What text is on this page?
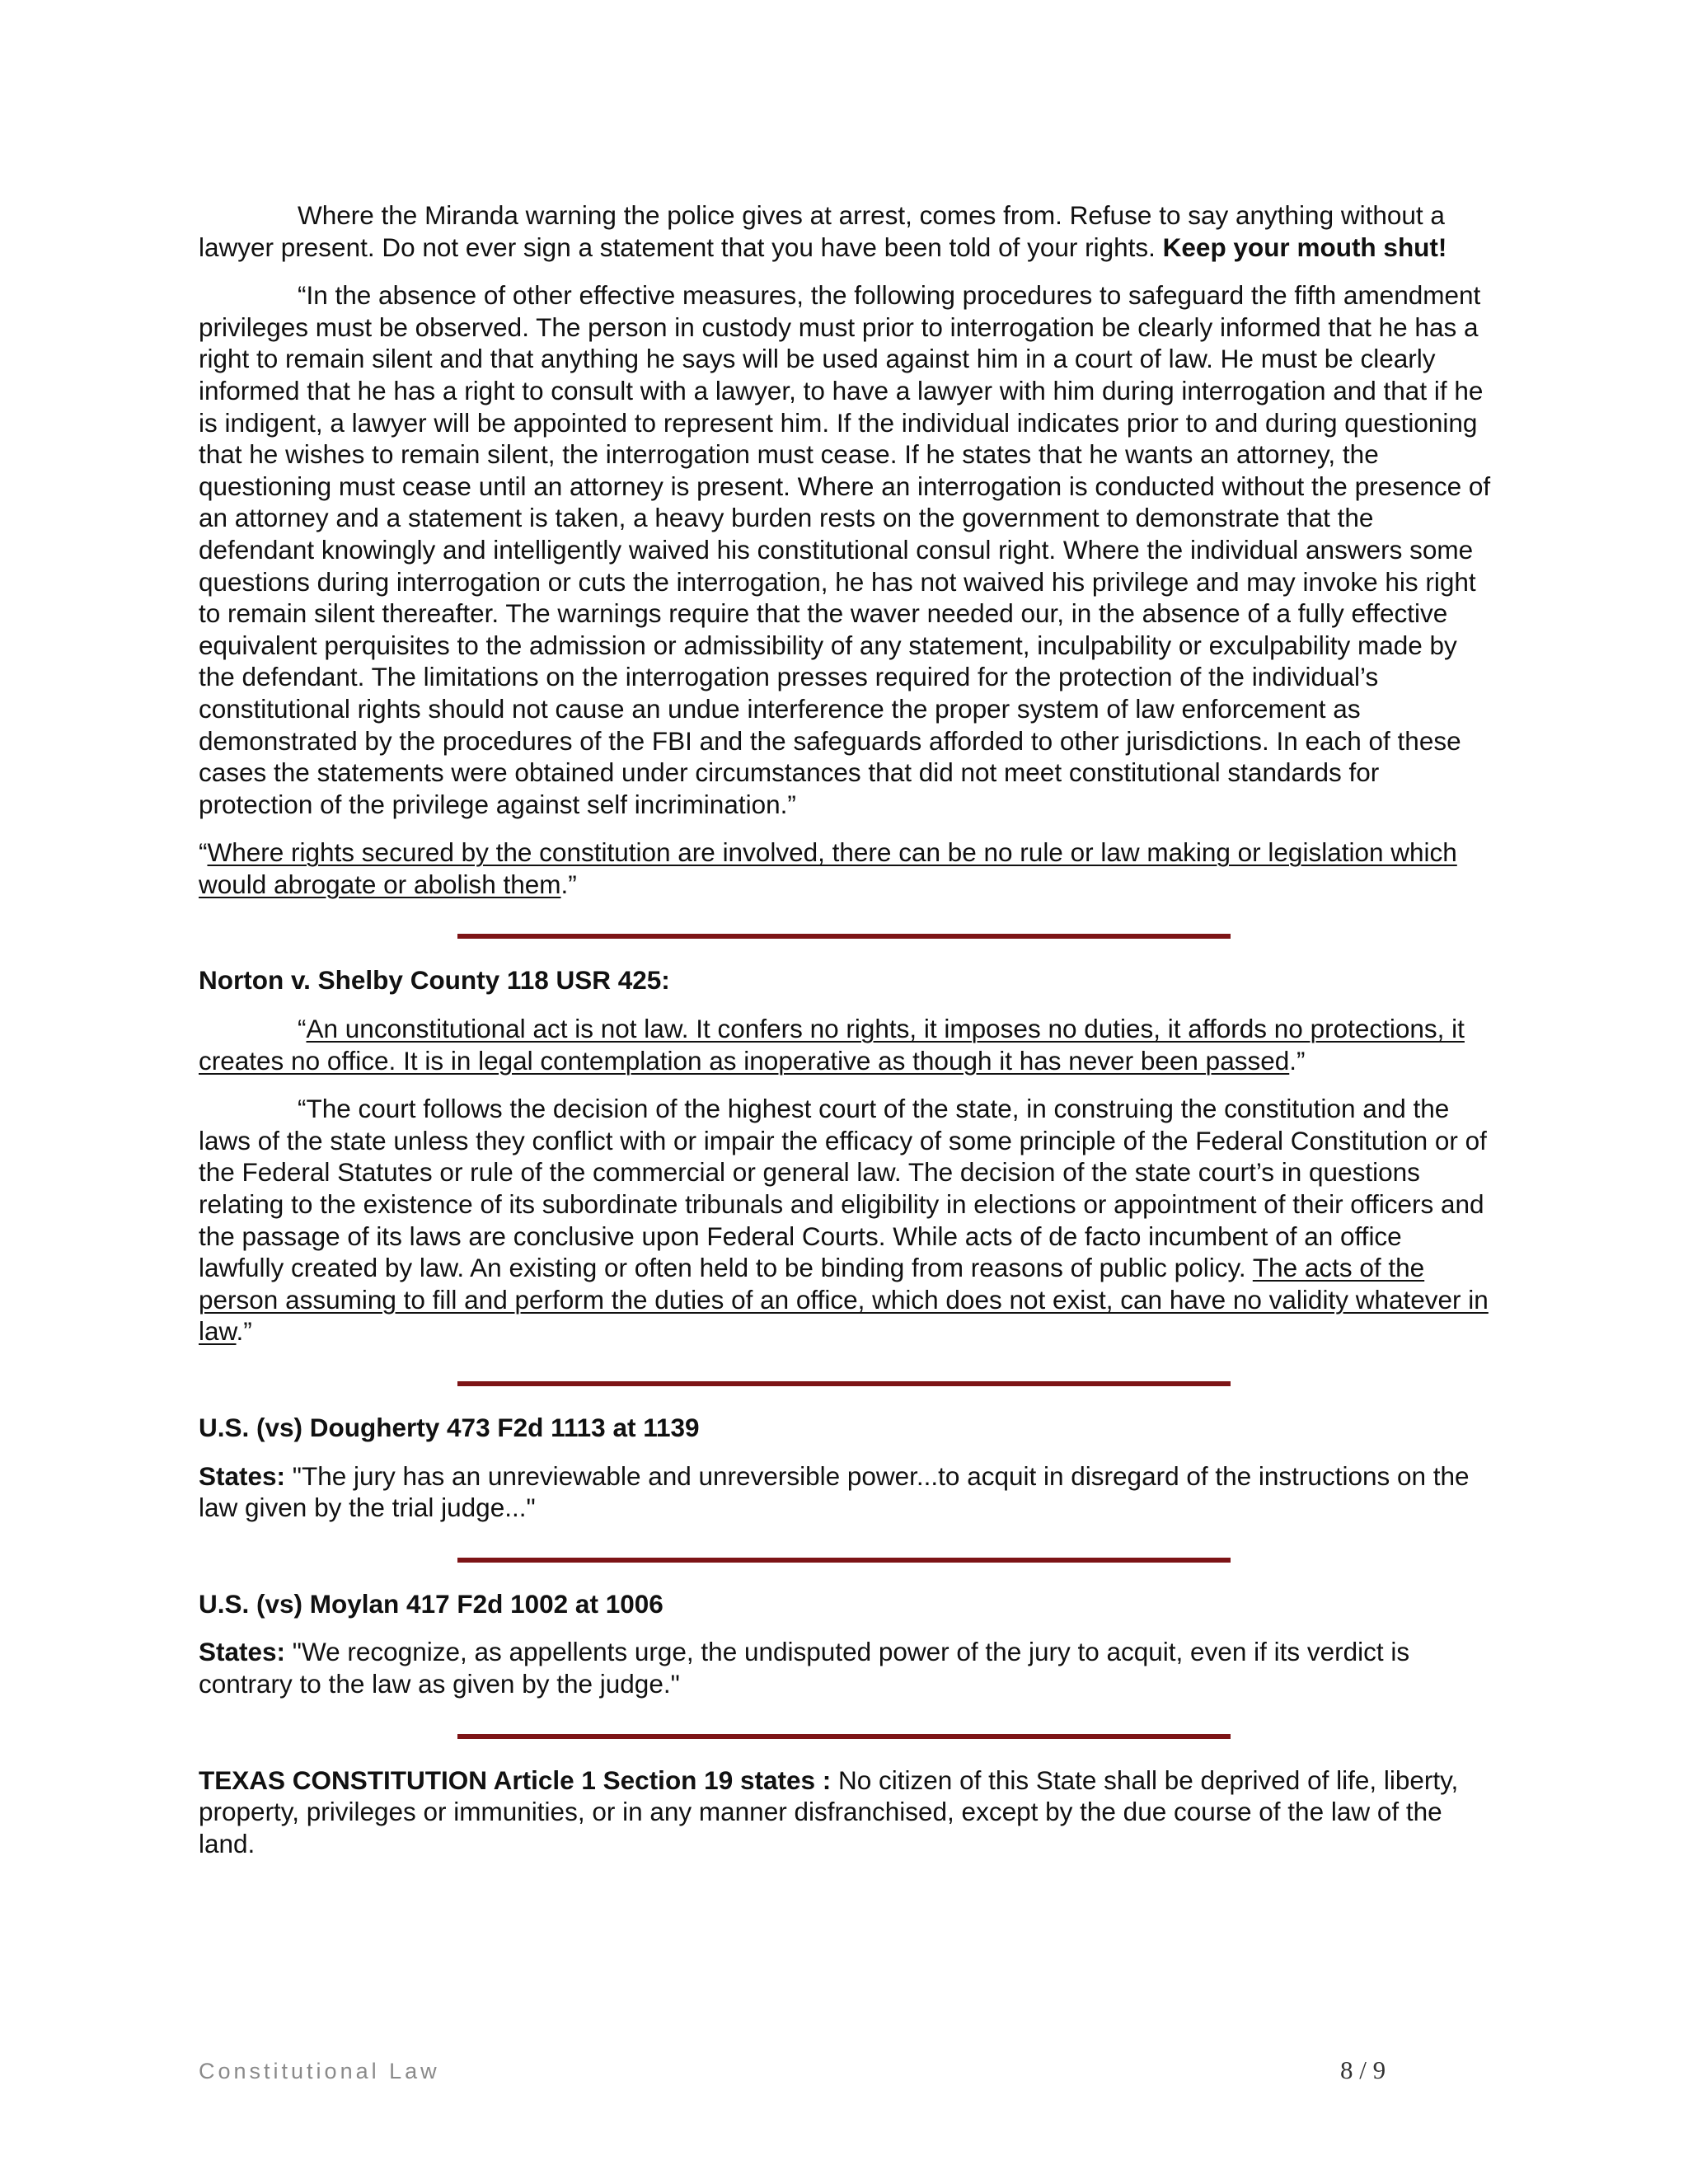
Where the Miranda warning the police gives at arrest, comes from. Refuse to say anything without a lawyer present. Do not ever sign a statement that you have been told of your rights. Keep your mouth shut!

“In the absence of other effective measures, the following procedures to safeguard the fifth amendment privileges must be observed. The person in custody must prior to interrogation be clearly informed that he has a right to remain silent and that anything he says will be used against him in a court of law. He must be clearly informed that he has a right to consult with a lawyer, to have a lawyer with him during interrogation and that if he is indigent, a lawyer will be appointed to represent him. If the individual indicates prior to and during questioning that he wishes to remain silent, the interrogation must cease. If he states that he wants an attorney, the questioning must cease until an attorney is present. Where an interrogation is conducted without the presence of an attorney and a statement is taken, a heavy burden rests on the government to demonstrate that the defendant knowingly and intelligently waived his constitutional consul right. Where the individual answers some questions during interrogation or cuts the interrogation, he has not waived his privilege and may invoke his right to remain silent thereafter. The warnings require that the waver needed our, in the absence of a fully effective equivalent perquisites to the admission or admissibility of any statement, inculpability or exculpability made by the defendant. The limitations on the interrogation presses required for the protection of the individual’s constitutional rights should not cause an undue interference the proper system of law enforcement as demonstrated by the procedures of the FBI and the safeguards afforded to other jurisdictions. In each of these cases the statements were obtained under circumstances that did not meet constitutional standards for protection of the privilege against self incrimination.”

“Where rights secured by the constitution are involved, there can be no rule or law making or legislation which would abrogate or abolish them.”

Norton v. Shelby County 118 USR 425:

“An unconstitutional act is not law. It confers no rights, it imposes no duties, it affords no protections, it creates no office. It is in legal contemplation as inoperative as though it has never been passed.”

“The court follows the decision of the highest court of the state, in construing the constitution and the laws of the state unless they conflict with or impair the efficacy of some principle of the Federal Constitution or of the Federal Statutes or rule of the commercial or general law. The decision of the state court’s in questions relating to the existence of its subordinate tribunals and eligibility in elections or appointment of their officers and the passage of its laws are conclusive upon Federal Courts. While acts of de facto incumbent of an office lawfully created by law. An existing or often held to be binding from reasons of public policy. The acts of the person assuming to fill and perform the duties of an office, which does not exist, can have no validity whatever in law.”

U.S. (vs) Dougherty 473 F2d 1113 at 1139

States: "The jury has an unreviewable and unreversible power...to acquit in disregard of the instructions on the law given by the trial judge..."

U.S. (vs) Moylan 417 F2d 1002 at 1006

States: "We recognize, as appellents urge, the undisputed power of the jury to acquit, even if its verdict is contrary to the law as given by the judge."

TEXAS CONSTITUTION Article 1 Section 19 states : No citizen of this State shall be deprived of life, liberty, property, privileges or immunities, or in any manner disfranchised, except by the due course of the law of the land.

Constitutional Law	8 / 9
